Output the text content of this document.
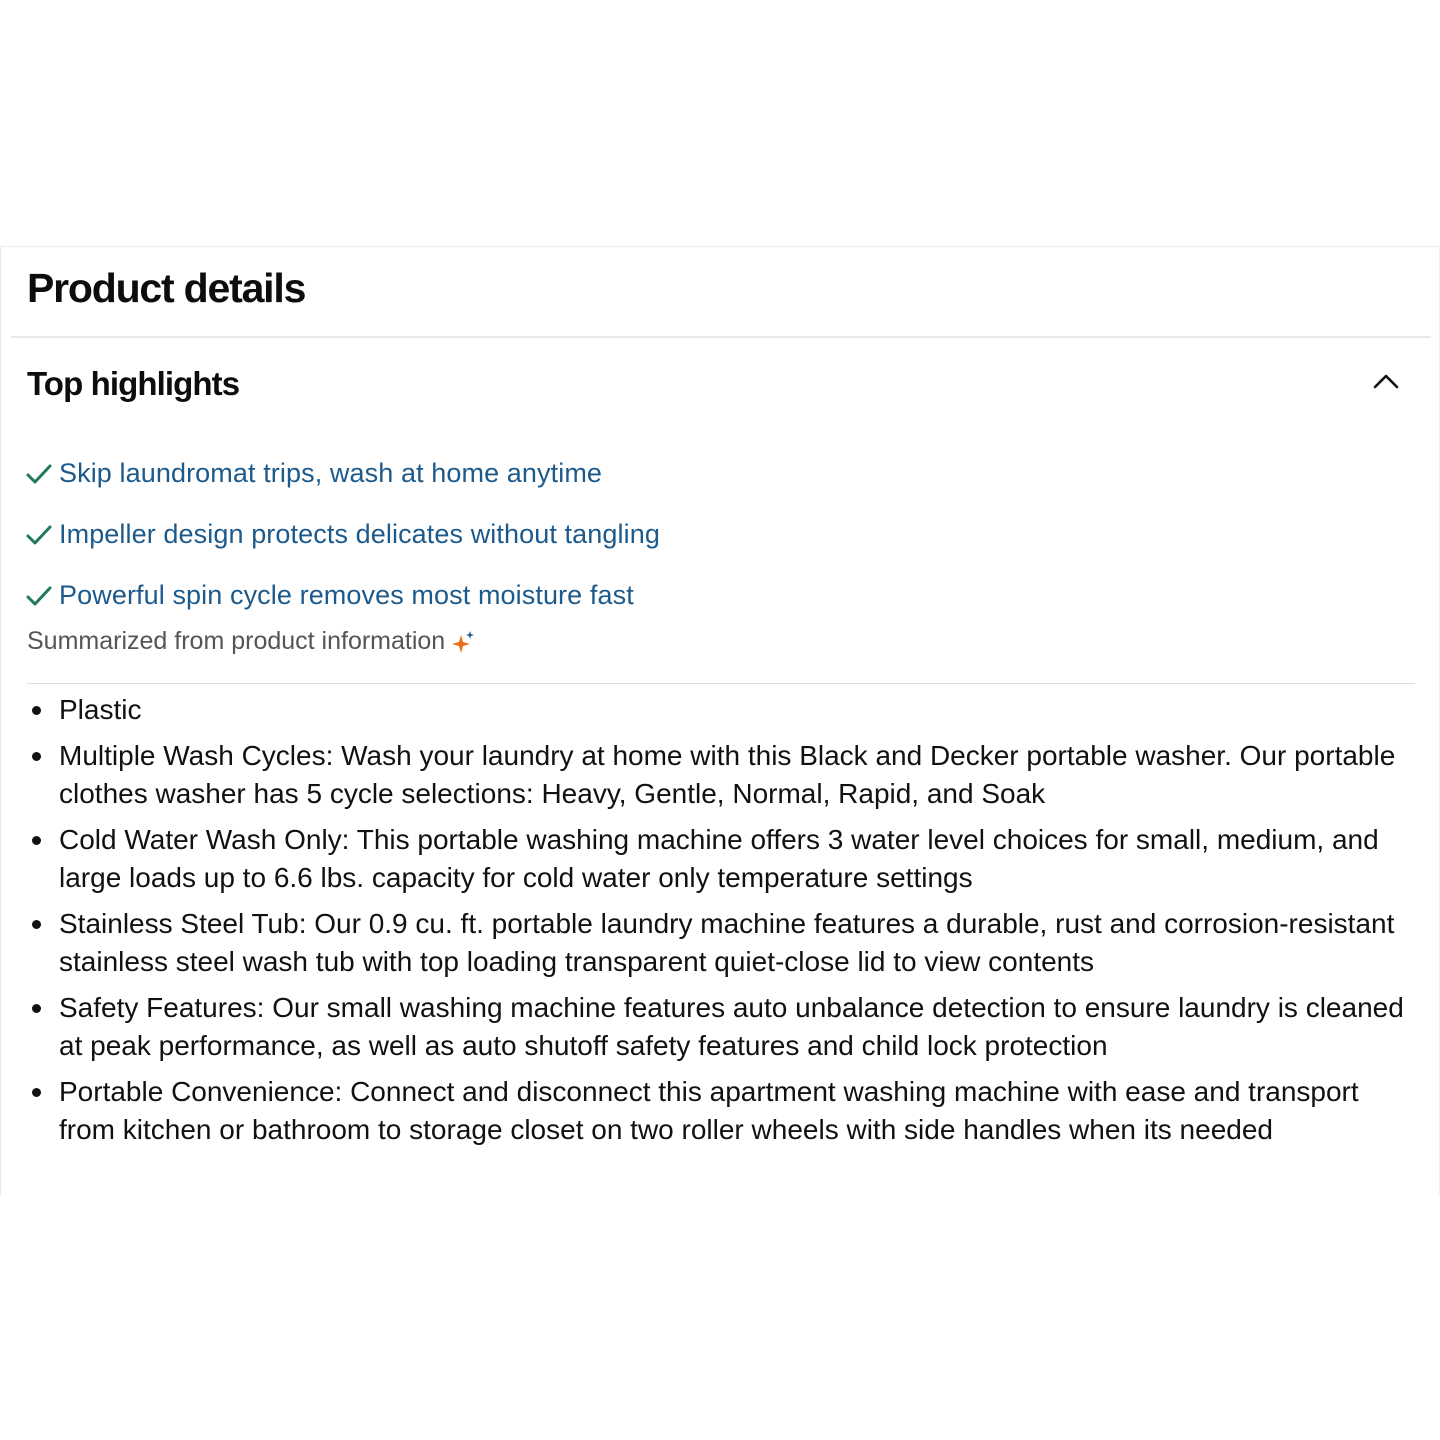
Product details
Top highlights
Skip laundromat trips, wash at home anytime
Impeller design protects delicates without tangling
Powerful spin cycle removes most moisture fast
Summarized from product information
Plastic
Multiple Wash Cycles: Wash your laundry at home with this Black and Decker portable washer. Our portable clothes washer has 5 cycle selections: Heavy, Gentle, Normal, Rapid, and Soak
Cold Water Wash Only: This portable washing machine offers 3 water level choices for small, medium, and large loads up to 6.6 lbs. capacity for cold water only temperature settings
Stainless Steel Tub: Our 0.9 cu. ft. portable laundry machine features a durable, rust and corrosion-resistant stainless steel wash tub with top loading transparent quiet-close lid to view contents
Safety Features: Our small washing machine features auto unbalance detection to ensure laundry is cleaned at peak performance, as well as auto shutoff safety features and child lock protection
Portable Convenience: Connect and disconnect this apartment washing machine with ease and transport from kitchen or bathroom to storage closet on two roller wheels with side handles when its needed
